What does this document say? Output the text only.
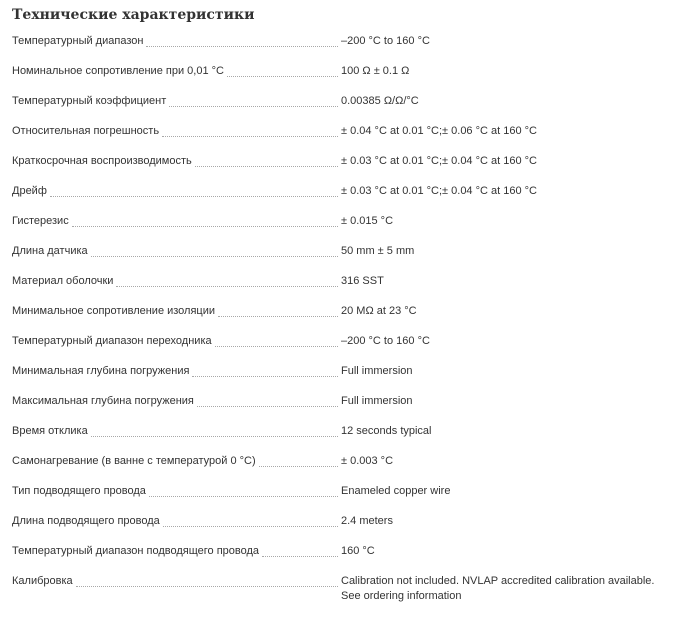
Технические характеристики
Температурный диапазон	–200 °C to 160 °C
Номинальное сопротивление при 0,01 °C	100 Ω ± 0.1 Ω
Температурный коэффициент	0.00385 Ω/Ω/°C
Относительная погрешность	± 0.04 °C at 0.01 °C;± 0.06 °C at 160 °C
Краткосрочная воспроизводимость	± 0.03 °C at 0.01 °C;± 0.04 °C at 160 °C
Дрейф	± 0.03 °C at 0.01 °C;± 0.04 °C at 160 °C
Гистерезис	± 0.015 °C
Длина датчика	50 mm ± 5 mm
Материал оболочки	316 SST
Минимальное сопротивление изоляции	20 MΩ at 23 °C
Температурный диапазон переходника	–200 °C to 160 °C
Минимальная глубина погружения	Full immersion
Максимальная глубина погружения	Full immersion
Время отклика	12 seconds typical
Самонагревание (в ванне с температурой 0 °C)	± 0.003 °C
Тип подводящего провода	Enameled copper wire
Длина подводящего провода	2.4 meters
Температурный диапазон подводящего провода	160 °C
Калибровка	Calibration not included. NVLAP accredited calibration available. See ordering information
